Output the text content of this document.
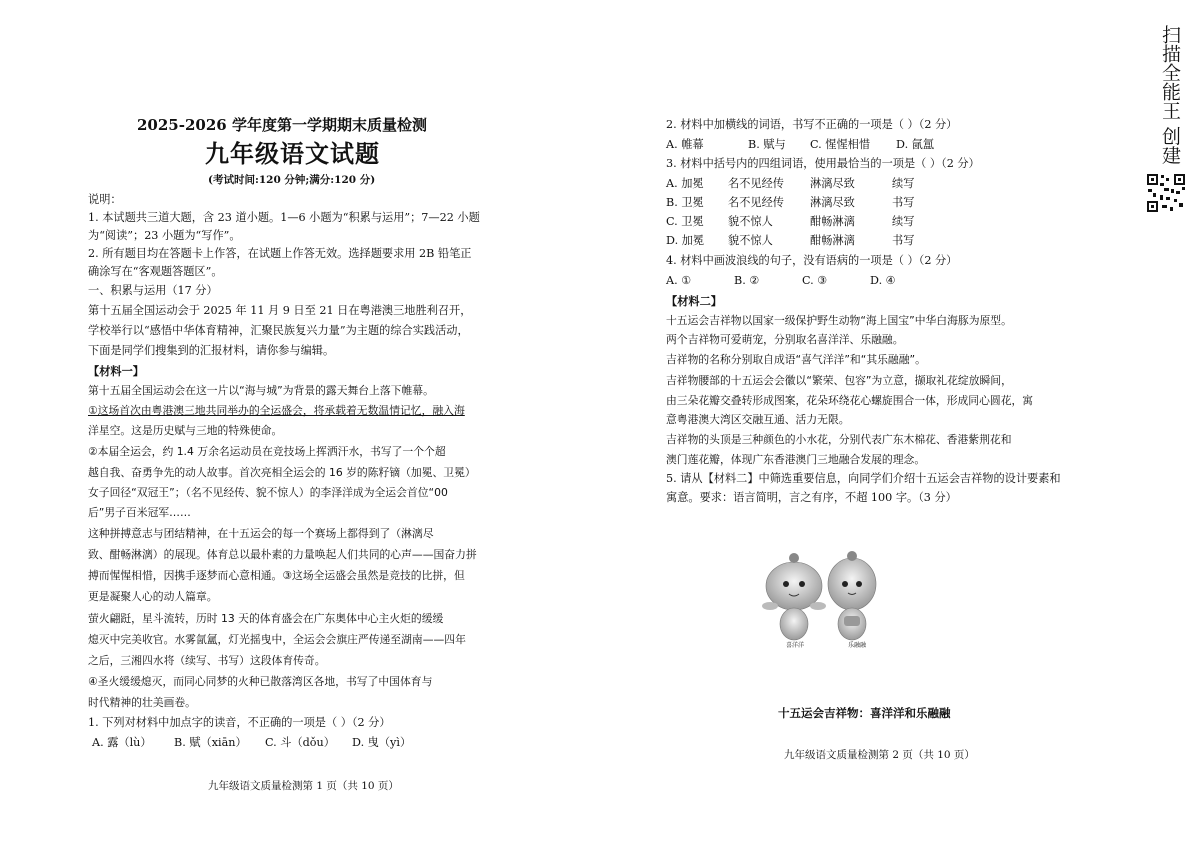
2025-2026 学年度第一学期期末质量检测
九年级语文试题
(考试时间:120 分钟;满分:120 分)
说明：
1. 本试题共三道大题，含 23 道小题。1—6 小题为“积累与运用”；7—22 小题
为“阅读”；23 小题为“写作”。
2. 所有题目均在答题卡上作答，在试题上作答无效。选择题要求用 2B 铅笔正
确涂写在“客观题答题区”。
一、积累与运用（17 分）
第十五届全国运动会于 2025 年 11 月 9 日至 21 日在粤港澳三地胜利召开，
学校举行以“感悟中华体育精神，汇聚民族复兴力量”为主题的综合实践活动，
下面是同学们搜集到的汇报材料，请你参与编辑。
【材料一】
第十五届全国运动会在这一片以“海与城”为背景的露天舞台上落下帷幕。
①这场首次由粤港澳三地共同举办的全运盛会，将承载着无数温情记忆，融入海
洋星空。这是历史赋与三地的特殊使命。
②本届全运会，约 1.4 万余名运动员在竞技场上挥洒汗水，书写了一个个超
越自我、奋勇争先的动人故事。首次亮相全运会的 16 岁的陈籽镝（加冕、卫冕）
女子回径“双冠王”；（名不见经传、貌不惊人）的李泽洋成为全运会首位“00
后”男子百米冠军……
这种拼搏意志与团结精神，在十五运会的每一个赛场上都得到了（淋漓尽
致、酣畅淋漓）的展现。体育总以最朴素的力量唤起人们共同的心声——国奋力拼
搏而惺惺相惜，因携手逐梦而心意相通。③这场全运盛会虽然是竞技的比拼，但
更是凝聚人心的动人篇章。
萤火翩跹，星斗流转，历时 13 天的体育盛会在广东奥体中心主火炬的缓缓
熄灭中完美收官。水雾氤氲，灯光摇曳中，全运会会旗庄严传递至湖南——四年
之后，三湘四水将（续写、书写）这段体育传奇。
④圣火缓缓熄灭，而同心同梦的火种已散落湾区各地，书写了中国体育与
时代精神的壮美画卷。
1. 下列对材料中加点字的读音，不正确的一项是（ ）（2 分）
A. 露（lù） B. 赋（xiān） C. 斗（dǒu） D. 曳（yì）
九年级语文质量检测第 1 页（共 10 页）
2. 材料中加横线的词语，书写不正确的一项是（ ）（2 分）
A. 帷幕	B. 赋与 C. 惺惺相惜 D. 氤氲
3. 材料中括号内的四组词语，使用最恰当的一项是（ ）（2 分）
A. 加冕 名不见经传 淋漓尽致	续写
B. 卫冕 名不见经传 淋漓尽致	书写
C. 卫冕 貌不惊人	酣畅淋漓	续写
D. 加冕 貌不惊人	酣畅淋漓	书写
4. 材料中画波浪线的句子，没有语病的一项是（ ）（2 分）
A. ①	B. ②	C. ③	D. ④
【材料二】
十五运会吉祥物以国家一级保护野生动物“海上国宝”中华白海豚为原型。
两个吉祥物可爱萌宠，分别取名喜洋洋、乐融融。
吉祥物的名称分别取自成语“喜气洋洋”和“其乐融融”。
吉祥物腰部的十五运会会徽以“繁荣、包容”为立意，撷取礼花绽放瞬间，
由三朵花瓣交叠转形成图案，花朵环绕花心螺旋围合一体，形成同心圆花，寓
意粤港澳大湾区交融互通、活力无限。
吉祥物的头顶是三种颜色的小水花，分别代表广东木棉花、香港紫荆花和
澳门莲花瓣，体现广东香港澳门三地融合发展的理念。
5. 请从【材料二】中筛选重要信息，向同学们介绍十五运会吉祥物的设计要素和
寓意。要求：语言简明，言之有序，不超 100 字。（3 分）
十五运会吉祥物：喜洋洋和乐融融
九年级语文质量检测第 2 页（共 10 页）
喜洋洋	乐融融
扫描全能王 创建
